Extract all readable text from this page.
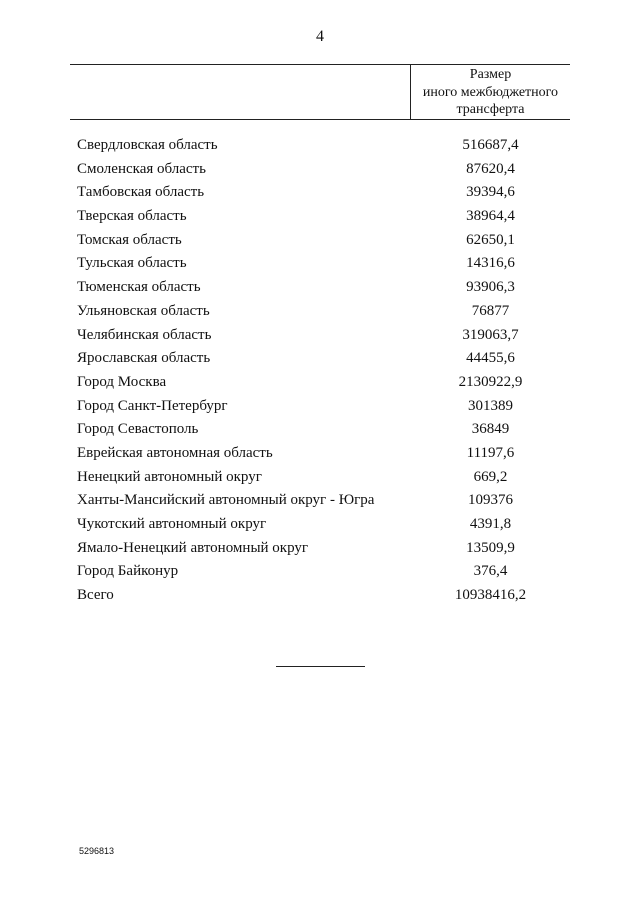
4
Размер
иного межбюджетного
трансферта
Свердловская область	516687,4
Смоленская область	87620,4
Тамбовская область	39394,6
Тверская область	38964,4
Томская область	62650,1
Тульская область	14316,6
Тюменская область	93906,3
Ульяновская область	76877
Челябинская область	319063,7
Ярославская область	44455,6
Город Москва	2130922,9
Город Санкт-Петербург	301389
Город Севастополь	36849
Еврейская автономная область	11197,6
Ненецкий автономный округ	669,2
Ханты-Мансийский автономный округ - Югра	109376
Чукотский автономный округ	4391,8
Ямало-Ненецкий автономный округ	13509,9
Город Байконур	376,4
Всего	10938416,2
5296813
